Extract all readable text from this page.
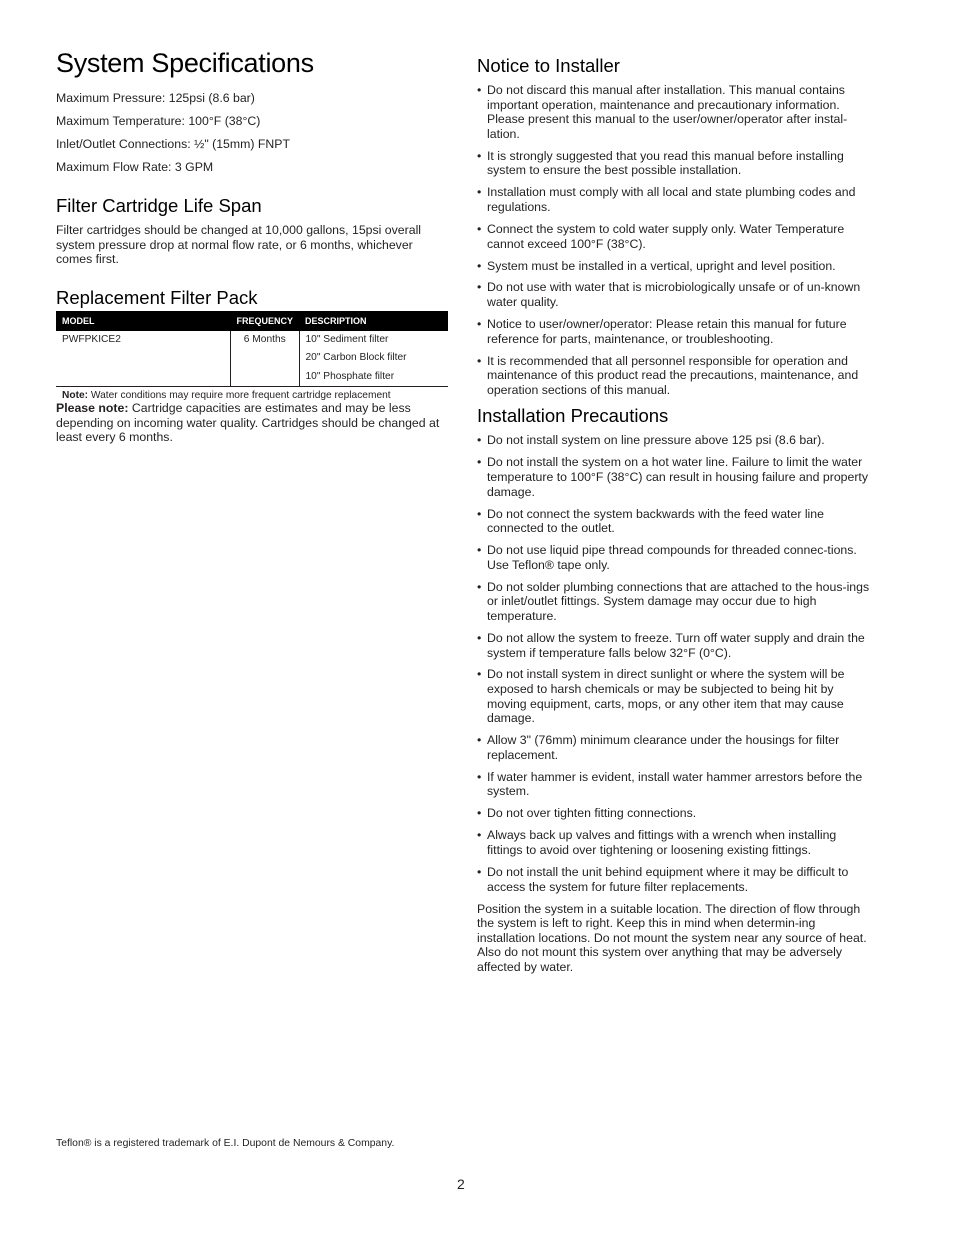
System Specifications
Maximum Pressure: 125psi (8.6 bar)
Maximum Temperature: 100°F (38°C)
Inlet/Outlet Connections: ½" (15mm) FNPT
Maximum Flow Rate: 3 GPM
Filter Cartridge Life Span

Filter cartridges should be changed at 10,000 gallons, 15psi overall system pressure drop at normal flow rate, or 6 months, whichever comes first.

Replacement Filter Pack
MODEL	FREQUENCY	DESCRIPTION
PWFPKICE2	6 Months	10" Sediment filter
		20" Carbon Block filter
		10" Phosphate filter
Note: Water conditions may require more frequent cartridge replacement

Please note: Cartridge capacities are estimates and may be less depending on incoming water quality. Cartridges should be changed at least every 6 months.

Notice to Installer
• Do not discard this manual after installation. This manual contains important operation, maintenance and precautionary information. Please present this manual to the user/owner/operator after instal-lation.
• It is strongly suggested that you read this manual before installing system to ensure the best possible installation.
• Installation must comply with all local and state plumbing codes and regulations.
• Connect the system to cold water supply only. Water Temperature cannot exceed 100°F (38°C).
• System must be installed in a vertical, upright and level position.
• Do not use with water that is microbiologically unsafe or of un-known water quality.
• Notice to user/owner/operator: Please retain this manual for future reference for parts, maintenance, or troubleshooting.
• It is recommended that all personnel responsible for operation and maintenance of this product read the precautions, maintenance, and operation sections of this manual.
Installation Precautions
• Do not install system on line pressure above 125 psi (8.6 bar).
• Do not install the system on a hot water line. Failure to limit the water temperature to 100°F (38°C) can result in housing failure and property damage.
• Do not connect the system backwards with the feed water line connected to the outlet.
• Do not use liquid pipe thread compounds for threaded connec-tions. Use Teflon® tape only.
• Do not solder plumbing connections that are attached to the hous-ings or inlet/outlet fittings. System damage may occur due to high temperature.
• Do not allow the system to freeze. Turn off water supply and drain the system if temperature falls below 32°F (0°C).
• Do not install system in direct sunlight or where the system will be exposed to harsh chemicals or may be subjected to being hit by moving equipment, carts, mops, or any other item that may cause damage.
• Allow 3" (76mm) minimum clearance under the housings for filter replacement.
• If water hammer is evident, install water hammer arrestors before the system.
• Do not over tighten fitting connections.
• Always back up valves and fittings with a wrench when installing fittings to avoid over tightening or loosening existing fittings.
• Do not install the unit behind equipment where it may be difficult to access the system for future filter replacements.

Position the system in a suitable location. The direction of flow through the system is left to right. Keep this in mind when determin-ing installation locations. Do not mount the system near any source of heat. Also do not mount this system over anything that may be adversely affected by water.

Teflon® is a registered trademark of E.I. Dupont de Nemours & Company.
2
